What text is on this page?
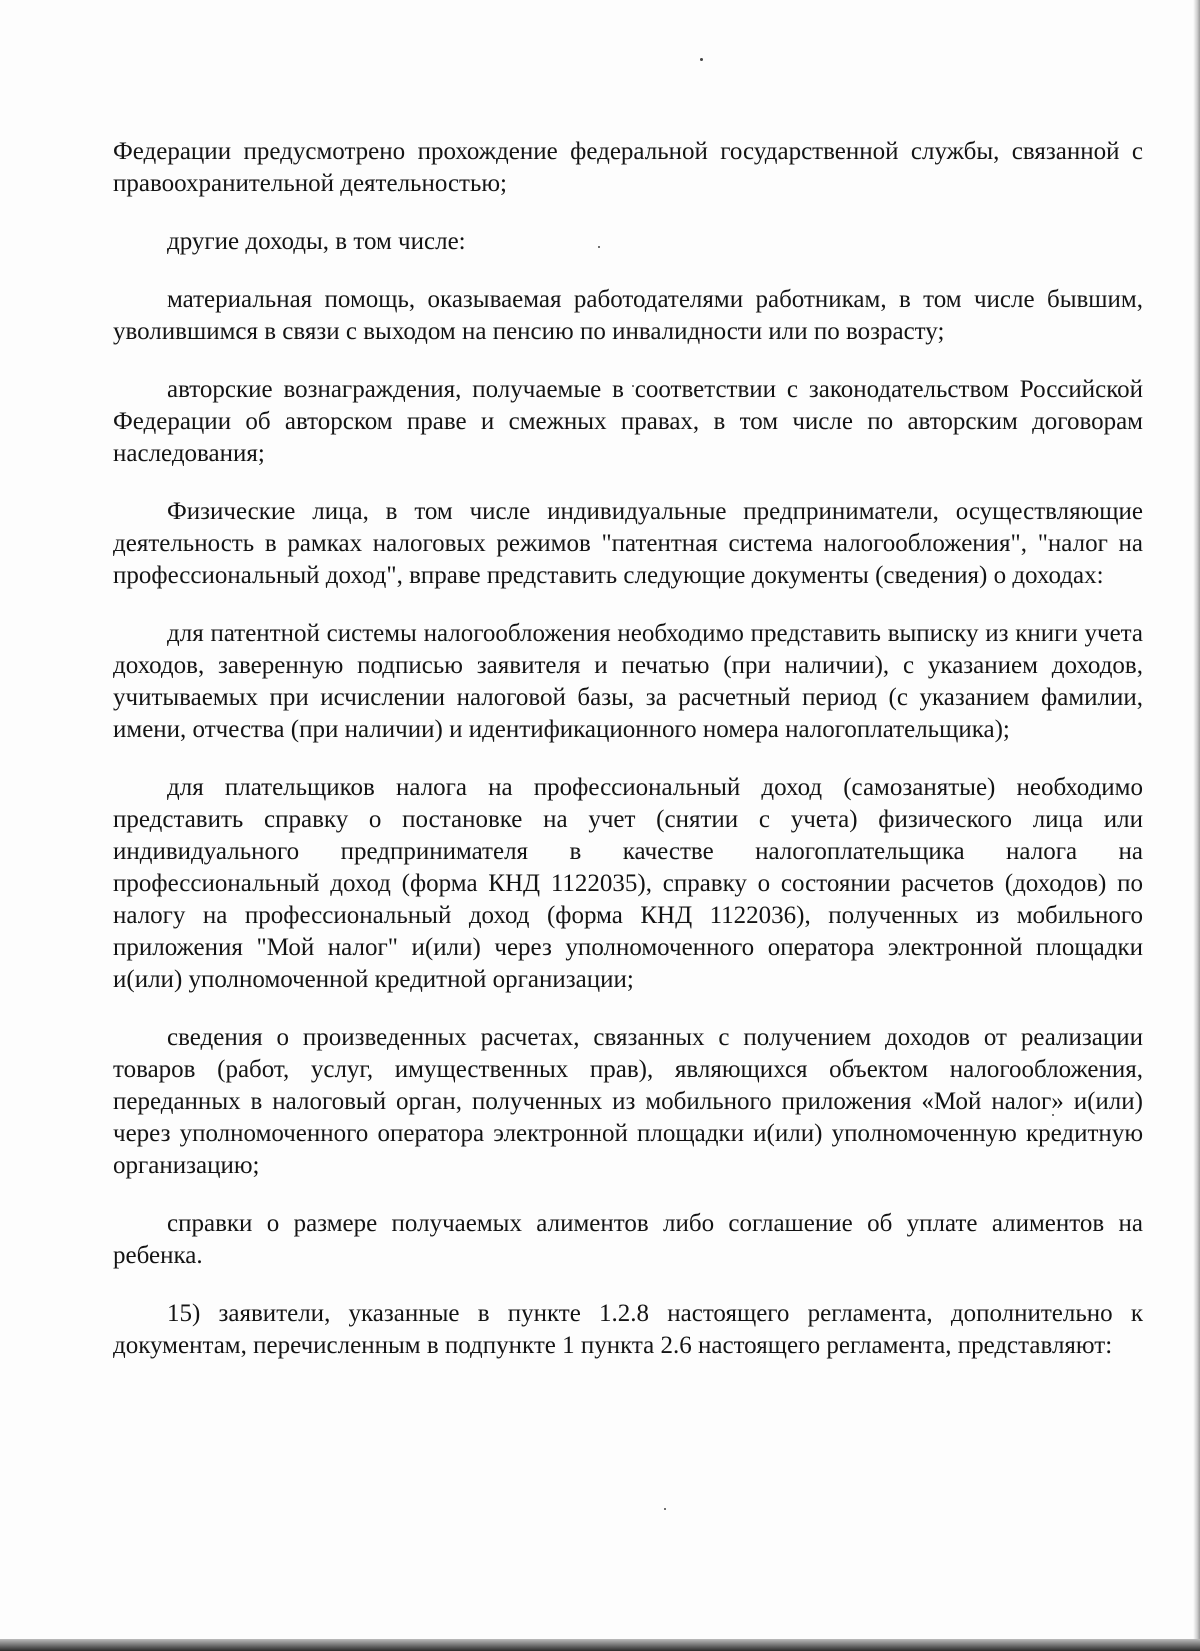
Федерации предусмотрено прохождение федеральной государственной службы, связанной с правоохранительной деятельностью;

другие доходы, в том числе:

материальная помощь, оказываемая работодателями работникам, в том числе бывшим, уволившимся в связи с выходом на пенсию по инвалидности или по возрасту;

авторские вознаграждения, получаемые в соответствии с законодательством Российской Федерации об авторском праве и смежных правах, в том числе по авторским договорам наследования;

Физические лица, в том числе индивидуальные предприниматели, осуществляющие деятельность в рамках налоговых режимов "патентная система налогообложения", "налог на профессиональный доход", вправе представить следующие документы (сведения) о доходах:

для патентной системы налогообложения необходимо представить выписку из книги учета доходов, заверенную подписью заявителя и печатью (при наличии), с указанием доходов, учитываемых при исчислении налоговой базы, за расчетный период (с указанием фамилии, имени, отчества (при наличии) и идентификационного номера налогоплательщика);

для плательщиков налога на профессиональный доход (самозанятые) необходимо представить справку о постановке на учет (снятии с учета) физического лица или индивидуального предпринимателя в качестве налогоплательщика налога на профессиональный доход (форма КНД 1122035), справку о состоянии расчетов (доходов) по налогу на профессиональный доход (форма КНД 1122036), полученных из мобильного приложения "Мой налог" и(или) через уполномоченного оператора электронной площадки и(или) уполномоченной кредитной организации;

сведения о произведенных расчетах, связанных с получением доходов от реализации товаров (работ, услуг, имущественных прав), являющихся объектом налогообложения, переданных в налоговый орган, полученных из мобильного приложения «Мой налог» и(или) через уполномоченного оператора электронной площадки и(или) уполномоченную кредитную организацию;

справки о размере получаемых алиментов либо соглашение об уплате алиментов на ребенка.

15) заявители, указанные в пункте 1.2.8 настоящего регламента, дополнительно к документам, перечисленным в подпункте 1 пункта 2.6 настоящего регламента, представляют:
